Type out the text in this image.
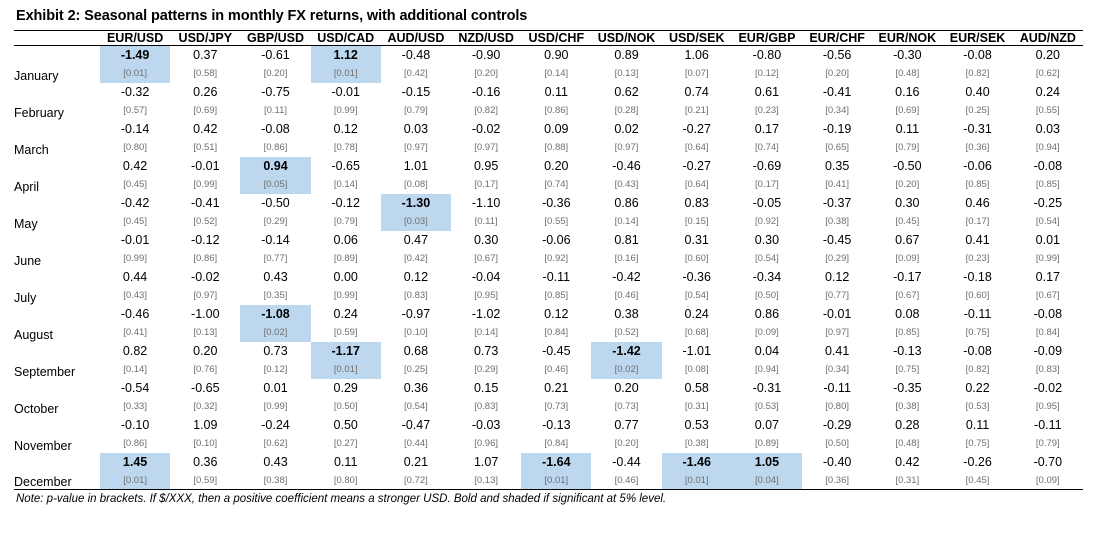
Exhibit 2: Seasonal patterns in monthly FX returns, with additional controls
	EUR/USD	USD/JPY	GBP/USD	USD/CAD	AUD/USD	NZD/USD	USD/CHF	USD/NOK	USD/SEK	EUR/GBP	EUR/CHF	EUR/NOK	EUR/SEK	AUD/NZD
January	-1.49	0.37	-0.61	1.12	-0.48	-0.90	0.90	0.89	1.06	-0.80	-0.56	-0.30	-0.08	0.20
	[0.01]	[0.58]	[0.20]	[0.01]	[0.42]	[0.20]	[0.14]	[0.13]	[0.07]	[0.12]	[0.20]	[0.48]	[0.82]	[0.62]
February	-0.32	0.26	-0.75	-0.01	-0.15	-0.16	0.11	0.62	0.74	0.61	-0.41	0.16	0.40	0.24
	[0.57]	[0.69]	[0.11]	[0.99]	[0.79]	[0.82]	[0.86]	[0.28]	[0.21]	[0.23]	[0.34]	[0.69]	[0.25]	[0.55]
March	-0.14	0.42	-0.08	0.12	0.03	-0.02	0.09	0.02	-0.27	0.17	-0.19	0.11	-0.31	0.03
	[0.80]	[0.51]	[0.86]	[0.78]	[0.97]	[0.97]	[0.88]	[0.97]	[0.64]	[0.74]	[0.65]	[0.79]	[0.36]	[0.94]
April	0.42	-0.01	0.94	-0.65	1.01	0.95	0.20	-0.46	-0.27	-0.69	0.35	-0.50	-0.06	-0.08
	[0.45]	[0.99]	[0.05]	[0.14]	[0.08]	[0.17]	[0.74]	[0.43]	[0.64]	[0.17]	[0.41]	[0.20]	[0.85]	[0.85]
May	-0.42	-0.41	-0.50	-0.12	-1.30	-1.10	-0.36	0.86	0.83	-0.05	-0.37	0.30	0.46	-0.25
	[0.45]	[0.52]	[0.29]	[0.79]	[0.03]	[0.11]	[0.55]	[0.14]	[0.15]	[0.92]	[0.38]	[0.45]	[0.17]	[0.54]
June	-0.01	-0.12	-0.14	0.06	0.47	0.30	-0.06	0.81	0.31	0.30	-0.45	0.67	0.41	0.01
	[0.99]	[0.86]	[0.77]	[0.89]	[0.42]	[0.67]	[0.92]	[0.16]	[0.60]	[0.54]	[0.29]	[0.09]	[0.23]	[0.99]
July	0.44	-0.02	0.43	0.00	0.12	-0.04	-0.11	-0.42	-0.36	-0.34	0.12	-0.17	-0.18	0.17
	[0.43]	[0.97]	[0.35]	[0.99]	[0.83]	[0.95]	[0.85]	[0.46]	[0.54]	[0.50]	[0.77]	[0.67]	[0.60]	[0.67]
August	-0.46	-1.00	-1.08	0.24	-0.97	-1.02	0.12	0.38	0.24	0.86	-0.01	0.08	-0.11	-0.08
	[0.41]	[0.13]	[0.02]	[0.59]	[0.10]	[0.14]	[0.84]	[0.52]	[0.68]	[0.09]	[0.97]	[0.85]	[0.75]	[0.84]
September	0.82	0.20	0.73	-1.17	0.68	0.73	-0.45	-1.42	-1.01	0.04	0.41	-0.13	-0.08	-0.09
	[0.14]	[0.76]	[0.12]	[0.01]	[0.25]	[0.29]	[0.46]	[0.02]	[0.08]	[0.94]	[0.34]	[0.75]	[0.82]	[0.83]
October	-0.54	-0.65	0.01	0.29	0.36	0.15	0.21	0.20	0.58	-0.31	-0.11	-0.35	0.22	-0.02
	[0.33]	[0.32]	[0.99]	[0.50]	[0.54]	[0.83]	[0.73]	[0.73]	[0.31]	[0.53]	[0.80]	[0.38]	[0.53]	[0.95]
November	-0.10	1.09	-0.24	0.50	-0.47	-0.03	-0.13	0.77	0.53	0.07	-0.29	0.28	0.11	-0.11
	[0.86]	[0.10]	[0.62]	[0.27]	[0.44]	[0.96]	[0.84]	[0.20]	[0.38]	[0.89]	[0.50]	[0.48]	[0.75]	[0.79]
December	1.45	0.36	0.43	0.11	0.21	1.07	-1.64	-0.44	-1.46	1.05	-0.40	0.42	-0.26	-0.70
	[0.01]	[0.59]	[0.38]	[0.80]	[0.72]	[0.13]	[0.01]	[0.46]	[0.01]	[0.04]	[0.36]	[0.31]	[0.45]	[0.09]
Note: p-value in brackets. If $/XXX, then a positive coefficient means a stronger USD. Bold and shaded if significant at 5% level.
